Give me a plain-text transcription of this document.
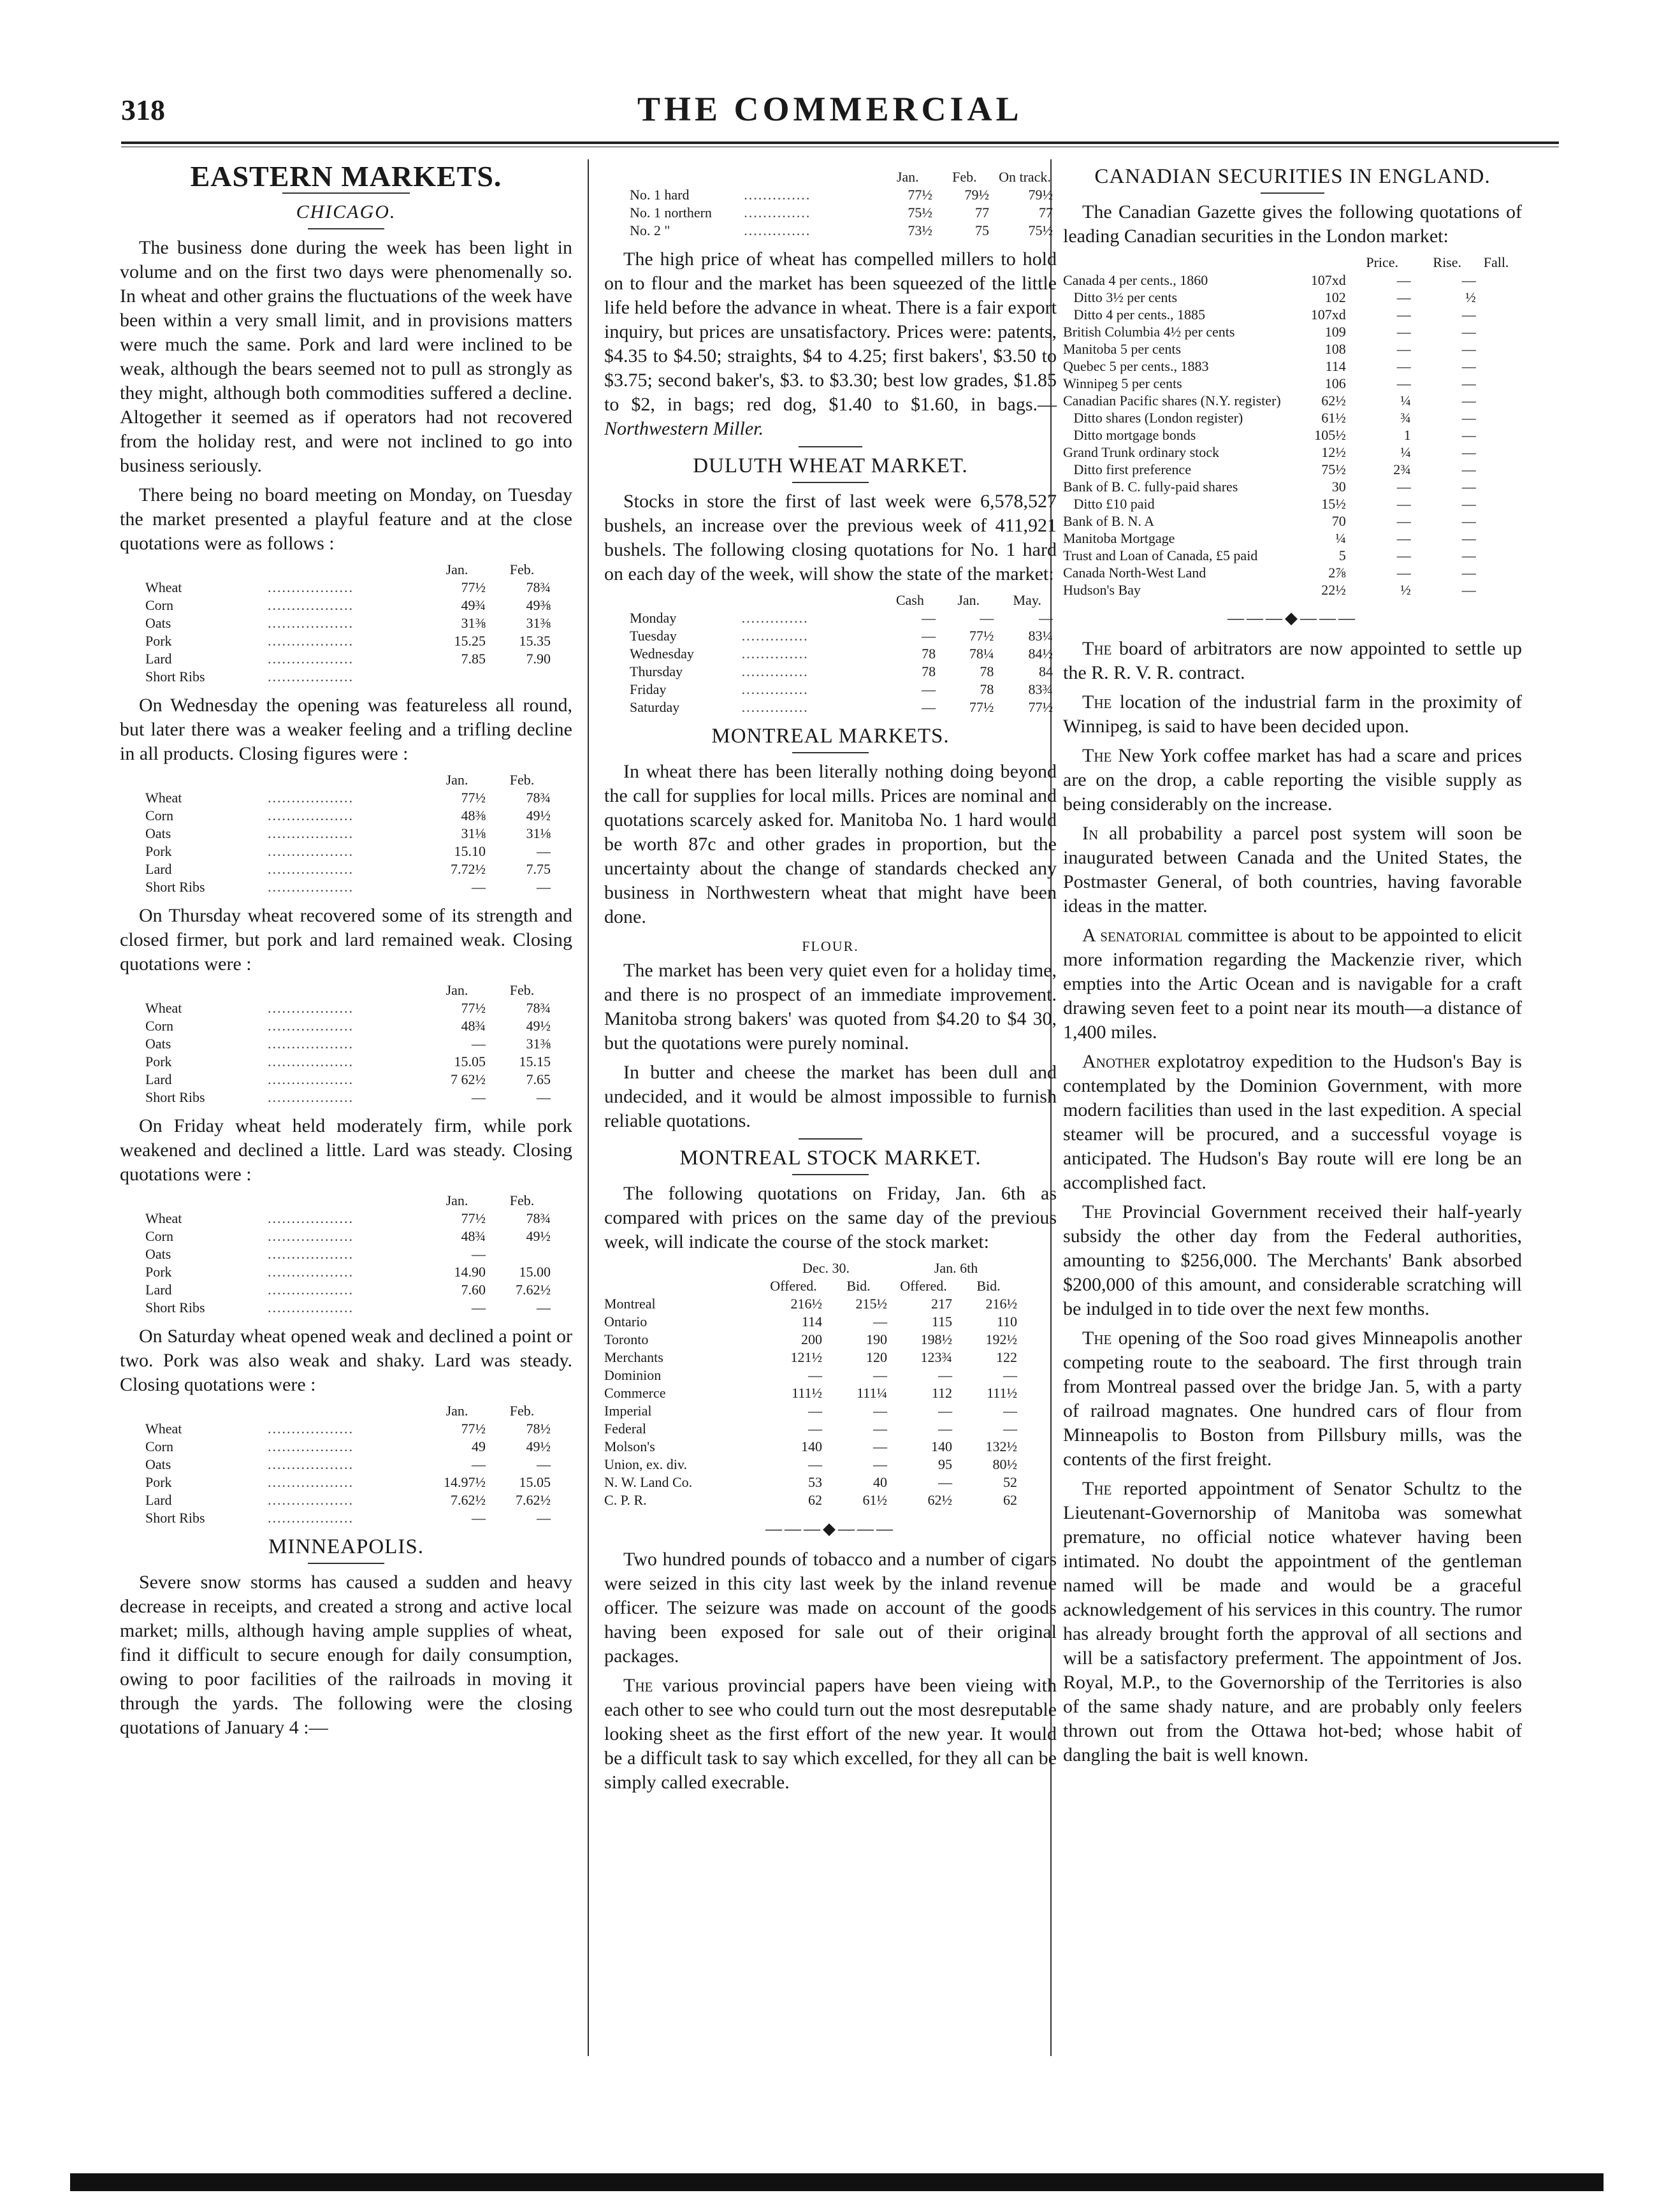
318	THE COMMERCIAL
EASTERN MARKETS.
CHICAGO.

The business done during the week has been light in volume and on the first two days were phenomenally so. In wheat and other grains the fluctuations of the week have been within a very small limit, and in provisions matters were much the same. Pork and lard were inclined to be weak, although the bears seemed not to pull as strongly as they might, although both commodities suffered a decline. Altogether it seemed as if operators had not recovered from the holiday rest, and were not inclined to go into business seriously.

There being no board meeting on Monday, on Tuesday the market presented a playful feature and at the close quotations were as follows :

		Jan.	Feb.
Wheat	..................	77½	78¾
Corn	..................	49¾	49⅜
Oats	..................	31⅜	31⅜
Pork	..................	15.25	15.35
Lard	..................	7.85	7.90
Short Ribs	..................		

On Wednesday the opening was featureless all round, but later there was a weaker feeling and a trifling decline in all products. Closing figures were :

		Jan.	Feb.
Wheat	..................	77½	78¾
Corn	..................	48⅜	49½
Oats	..................	31⅛	31⅛
Pork	..................	15.10	—
Lard	..................	7.72½	7.75
Short Ribs	..................	—	—

On Thursday wheat recovered some of its strength and closed firmer, but pork and lard remained weak. Closing quotations were :

		Jan.	Feb.
Wheat	..................	77½	78¾
Corn	..................	48¾	49½
Oats	..................	—	31⅜
Pork	..................	15.05	15.15
Lard	..................	7 62½	7.65
Short Ribs	..................	—	—

On Friday wheat held moderately firm, while pork weakened and declined a little. Lard was steady. Closing quotations were :

		Jan.	Feb.
Wheat	..................	77½	78¾
Corn	..................	48¾	49½
Oats	..................	—	
Pork	..................	14.90	15.00
Lard	..................	7.60	7.62½
Short Ribs	..................	—	—

On Saturday wheat opened weak and declined a point or two. Pork was also weak and shaky. Lard was steady. Closing quotations were :

		Jan.	Feb.
Wheat	..................	77½	78½
Corn	..................	49	49½
Oats	..................	—	—
Pork	..................	14.97½	15.05
Lard	..................	7.62½	7.62½
Short Ribs	..................	—	—
MINNEAPOLIS.

Severe snow storms has caused a sudden and heavy decrease in receipts, and created a strong and active local market; mills, although having ample supplies of wheat, find it difficult to secure enough for daily consumption, owing to poor facilities of the railroads in moving it through the yards. The following were the closing quotations of January 4 :—

		Jan.	Feb.	On track.
No. 1 hard	..............	77½	79½	79½
No. 1 northern	..............	75½	77	77
No. 2 "	..............	73½	75	75½

The high price of wheat has compelled millers to hold on to flour and the market has been squeezed of the little life held before the advance in wheat. There is a fair export inquiry, but prices are unsatisfactory. Prices were: patents, $4.35 to $4.50; straights, $4 to 4.25; first bakers', $3.50 to $3.75; second baker's, $3. to $3.30; best low grades, $1.85 to $2, in bags; red dog, $1.40 to $1.60, in bags.— Northwestern Miller.

DULUTH WHEAT MARKET.

Stocks in store the first of last week were 6,578,527 bushels, an increase over the previous week of 411,921 bushels. The following closing quotations for No. 1 hard on each day of the week, will show the state of the market:

		Cash	Jan.	May.
Monday	..............	—	—	—
Tuesday	..............	—	77½	83¼
Wednesday	..............	78	78¼	84½
Thursday	..............	78	78	84
Friday	..............	—	78	83¾
Saturday	..............	—	77½	77½
MONTREAL MARKETS.

In wheat there has been literally nothing doing beyond the call for supplies for local mills. Prices are nominal and quotations scarcely asked for. Manitoba No. 1 hard would be worth 87c and other grades in proportion, but the uncertainty about the change of standards checked any business in Northwestern wheat that might have been done.

FLOUR.

The market has been very quiet even for a holiday time, and there is no prospect of an immediate improvement. Manitoba strong bakers' was quoted from $4.20 to $4 30, but the quotations were purely nominal.

In butter and cheese the market has been dull and undecided, and it would be almost impossible to furnish reliable quotations.

MONTREAL STOCK MARKET.

The following quotations on Friday, Jan. 6th as compared with prices on the same day of the previous week, will indicate the course of the stock market:

	Dec. 30.		Jan. 6th	
	Offered.	Bid.	Offered.	Bid.
Montreal	216½	215½	217	216½
Ontario	114	—	115	110
Toronto	200	190	198½	192½
Merchants	121½	120	123¾	122
Dominion	—	—	—	—
Commerce	111½	111¼	112	111½
Imperial	—	—	—	—
Federal	—	—	—	—
Molson's	140	—	140	132½
Union, ex. div.	—	—	95	80½
N. W. Land Co.	53	40	—	52
C. P. R.	62	61½	62½	62
———◆———

Two hundred pounds of tobacco and a number of cigars were seized in this city last week by the inland revenue officer. The seizure was made on account of the goods having been exposed for sale out of their original packages.

The various provincial papers have been vieing with each other to see who could turn out the most desreputable looking sheet as the first effort of the new year. It would be a difficult task to say which excelled, for they all can be simply called execrable.

CANADIAN SECURITIES IN ENGLAND.

The Canadian Gazette gives the following quotations of leading Canadian securities in the London market:

		Price.	Rise.	Fall.
Canada 4 per cents., 1860	107xd	—	—	
Ditto 3½ per cents	102	—	½	
Ditto 4 per cents., 1885	107xd	—	—	
British Columbia 4½ per cents	109	—	—	
Manitoba 5 per cents	108	—	—	
Quebec 5 per cents., 1883	114	—	—	
Winnipeg 5 per cents	106	—	—	
Canadian Pacific shares (N.Y. register)	62½	¼	—	
Ditto shares (London register)	61½	¾	—	
Ditto mortgage bonds	105½	1	—	
Grand Trunk ordinary stock	12½	¼	—	
Ditto first preference	75½	2¾	—	
Bank of B. C. fully-paid shares	30	—	—	
Ditto £10 paid	15½	—	—	
Bank of B. N. A	70	—	—	
Manitoba Mortgage	¼	—	—	
Trust and Loan of Canada, £5 paid	5	—	—	
Canada North-West Land	2⅞	—	—	
Hudson's Bay	22½	½	—	
———◆———

The board of arbitrators are now appointed to settle up the R. R. V. R. contract.

The location of the industrial farm in the proximity of Winnipeg, is said to have been decided upon.

The New York coffee market has had a scare and prices are on the drop, a cable reporting the visible supply as being considerably on the increase.

In all probability a parcel post system will soon be inaugurated between Canada and the United States, the Postmaster General, of both countries, having favorable ideas in the matter.

A senatorial committee is about to be appointed to elicit more information regarding the Mackenzie river, which empties into the Artic Ocean and is navigable for a craft drawing seven feet to a point near its mouth—a distance of 1,400 miles.

Another explotatroy expedition to the Hudson's Bay is contemplated by the Dominion Government, with more modern facilities than used in the last expedition. A special steamer will be procured, and a successful voyage is anticipated. The Hudson's Bay route will ere long be an accomplished fact.

The Provincial Government received their half-yearly subsidy the other day from the Federal authorities, amounting to $256,000. The Merchants' Bank absorbed $200,000 of this amount, and considerable scratching will be indulged in to tide over the next few months.

The opening of the Soo road gives Minneapolis another competing route to the seaboard. The first through train from Montreal passed over the bridge Jan. 5, with a party of railroad magnates. One hundred cars of flour from Minneapolis to Boston from Pillsbury mills, was the contents of the first freight.

The reported appointment of Senator Schultz to the Lieutenant-Governorship of Manitoba was somewhat premature, no official notice whatever having been intimated. No doubt the appointment of the gentleman named will be made and would be a graceful acknowledgement of his services in this country. The rumor has already brought forth the approval of all sections and will be a satisfactory preferment. The appointment of Jos. Royal, M.P., to the Governorship of the Territories is also of the same shady nature, and are probably only feelers thrown out from the Ottawa hot-bed; whose habit of dangling the bait is well known.
